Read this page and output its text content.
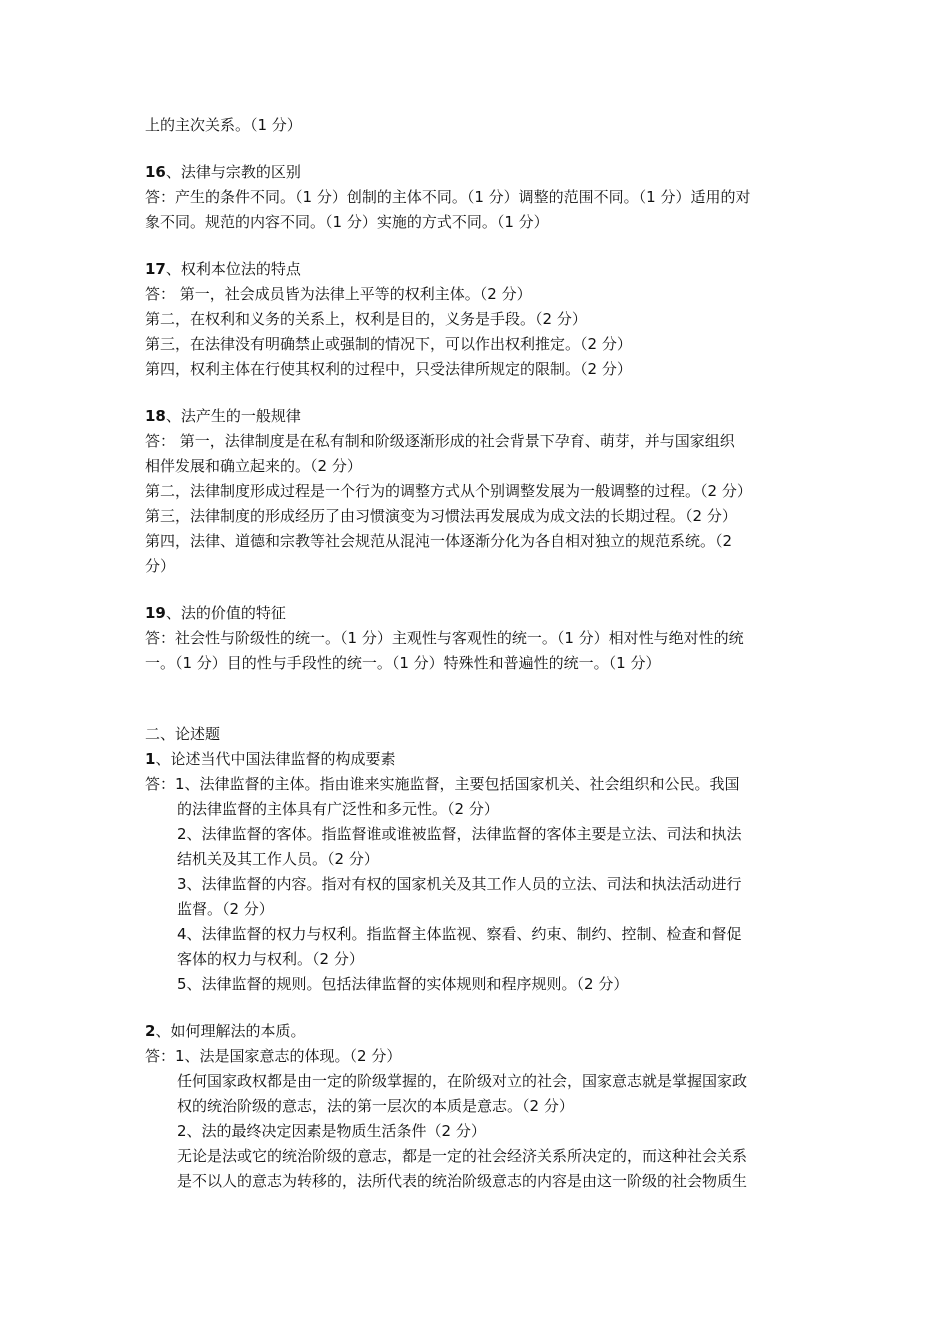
上的主次关系。（1 分）

16、法律与宗教的区别

答：产生的条件不同。（1 分）创制的主体不同。（1 分）调整的范围不同。（1 分）适用的对

象不同。规范的内容不同。（1 分）实施的方式不同。（1 分）

17、权利本位法的特点

答： 第一，社会成员皆为法律上平等的权利主体。（2 分）

第二，在权利和义务的关系上，权利是目的，义务是手段。（2 分）

第三，在法律没有明确禁止或强制的情况下，可以作出权利推定。（2 分）

第四，权利主体在行使其权利的过程中，只受法律所规定的限制。（2 分）

18、法产生的一般规律

答： 第一，法律制度是在私有制和阶级逐渐形成的社会背景下孕育、萌芽，并与国家组织

相伴发展和确立起来的。（2 分）

第二，法律制度形成过程是一个行为的调整方式从个别调整发展为一般调整的过程。（2 分）

第三，法律制度的形成经历了由习惯演变为习惯法再发展成为成文法的长期过程。（2 分）

第四，法律、道德和宗教等社会规范从混沌一体逐渐分化为各自相对独立的规范系统。（2

分）

19、法的价值的特征

答：社会性与阶级性的统一。（1 分）主观性与客观性的统一。（1 分）相对性与绝对性的统

一。（1 分）目的性与手段性的统一。（1 分）特殊性和普遍性的统一。（1 分）

二、论述题

1、论述当代中国法律监督的构成要素

答：1、法律监督的主体。指由谁来实施监督，主要包括国家机关、社会组织和公民。我国

的法律监督的主体具有广泛性和多元性。（2 分）

2、法律监督的客体。指监督谁或谁被监督，法律监督的客体主要是立法、司法和执法

结机关及其工作人员。（2 分）

3、法律监督的内容。指对有权的国家机关及其工作人员的立法、司法和执法活动进行

监督。（2 分）

4、法律监督的权力与权利。指监督主体监视、察看、约束、制约、控制、检查和督促

客体的权力与权利。（2 分）

5、法律监督的规则。包括法律监督的实体规则和程序规则。（2 分）

2、如何理解法的本质。

答：1、法是国家意志的体现。（2 分）

任何国家政权都是由一定的阶级掌握的，在阶级对立的社会，国家意志就是掌握国家政

权的统治阶级的意志，法的第一层次的本质是意志。（2 分）

2、法的最终决定因素是物质生活条件（2 分）

无论是法或它的统治阶级的意志，都是一定的社会经济关系所决定的，而这种社会关系

是不以人的意志为转移的，法所代表的统治阶级意志的内容是由这一阶级的社会物质生
